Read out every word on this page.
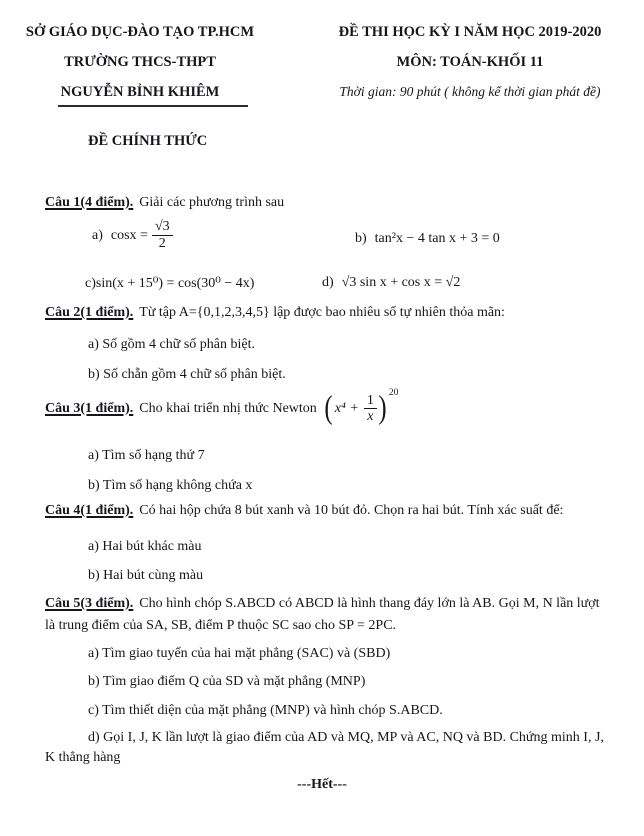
SỞ GIÁO DỤC-ĐÀO TẠO TP.HCM
TRƯỜNG THCS-THPT
NGUYỄN BỈNH KHIÊM
ĐỀ THI HỌC KỲ I NĂM HỌC 2019-2020
MÔN: TOÁN-KHỐI 11
Thời gian: 90 phút ( không kể thời gian phát đề)
ĐỀ CHÍNH THỨC
Câu 1(4 điểm). Giải các phương trình sau
a) $\cos x = \frac{√3}{2}$	b) tan²x − 4 tan x + 3 = 0
c) sin(x + 15⁰) = cos(30⁰ − 4x)	d) √3 sin x + cos x = √2
Câu 2(1 điểm). Từ tập A={0,1,2,3,4,5} lập được bao nhiêu số tự nhiên thỏa mãn:
a) Số gồm 4 chữ số phân biệt.
b) Số chẵn gồm 4 chữ số phân biệt.
Câu 3(1 điểm). Cho khai triển nhị thức Newton ( $x^4 + \frac{1}{x}$ ) 20
a) Tìm số hạng thứ 7
b) Tìm số hạng không chứa x
Câu 4(1 điểm). Có hai hộp chứa 8 bút xanh và 10 bút đỏ. Chọn ra hai bút. Tính xác suất để:
a) Hai bút khác màu
b) Hai bút cùng màu
Câu 5(3 điểm). Cho hình chóp S.ABCD có ABCD là hình thang đáy lớn là AB. Gọi M, N lần lượt
là trung điểm của SA, SB, điểm P thuộc SC sao cho SP = 2PC.
a) Tìm giao tuyến của hai mặt phẳng (SAC) và (SBD)
b) Tìm giao điểm Q của SD và mặt phẳng (MNP)
c) Tìm thiết diện của mặt phẳng (MNP) và hình chóp S.ABCD.
d) Gọi I, J, K lần lượt là giao điểm của AD và MQ, MP và AC, NQ và BD. Chứng minh I, J,
K thẳng hàng
---Hết---
